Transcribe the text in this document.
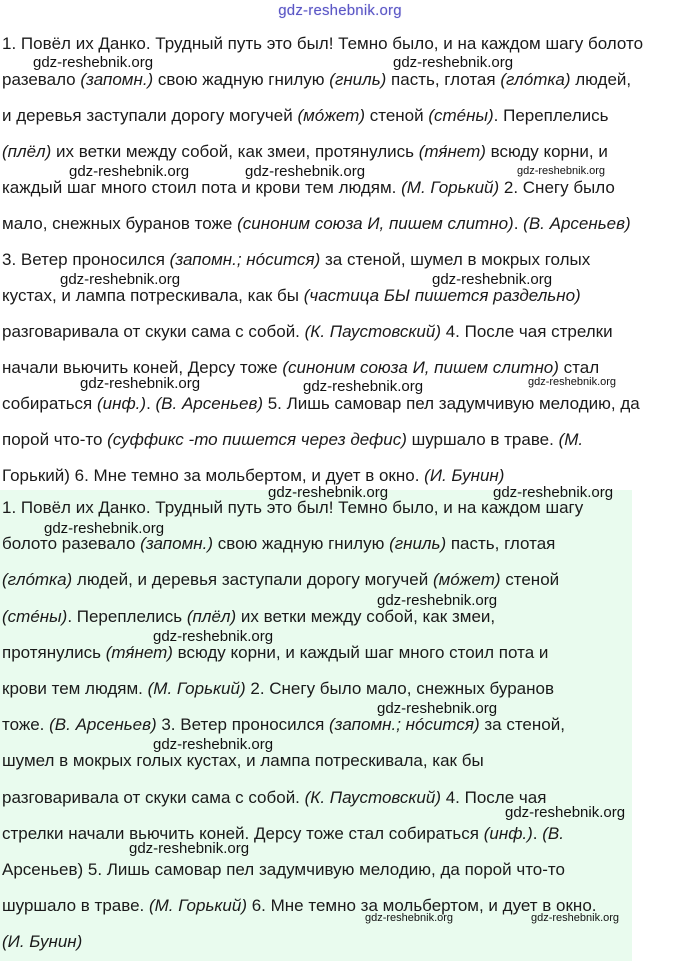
gdz-reshebnik.org
1. Повёл их Данко. Трудный путь это был! Темно было, и на каждом шагу болото
разевало (запомн.) свою жадную гнилую (гниль) пасть, глотая (глóтка) людей,
и деревья заступали дорогу могучей (мóжет) стеной (стéны). Переплелись
(плёл) их ветки между собой, как змеи, протянулись (тя́нет) всюду корни, и
каждый шаг много стоил пота и крови тем людям. (М. Горький) 2. Снегу было
мало, снежных буранов тоже (синоним союза И, пишем слитно). (В. Арсеньев)
3. Ветер проносился (запомн.; нóсится) за стеной, шумел в мокрых голых
кустах, и лампа потрескивала, как бы (частица БЫ пишется раздельно)
разговаривала от скуки сама с собой. (К. Паустовский) 4. После чая стрелки
начали вьючить коней, Дерсу тоже (синоним союза И, пишем слитно) стал
собираться (инф.). (В. Арсеньев) 5. Лишь самовар пел задумчивую мелодию, да
порой что-то (суффикс -то пишется через дефис) шуршало в траве. (М.
Горький) 6. Мне темно за мольбертом, и дует в окно. (И. Бунин)
1. Повёл их Данко. Трудный путь это был! Темно было, и на каждом шагу
болото разевало (запомн.) свою жадную гнилую (гниль) пасть, глотая
(глóтка) людей, и деревья заступали дорогу могучей (мóжет) стеной
(стéны). Переплелись (плёл) их ветки между собой, как змеи,
протянулись (тя́нет) всюду корни, и каждый шаг много стоил пота и
крови тем людям. (М. Горький) 2. Снегу было мало, снежных буранов
тоже. (В. Арсеньев) 3. Ветер проносился (запомн.; нóсится) за стеной,
шумел в мокрых голых кустах, и лампа потрескивала, как бы
разговаривала от скуки сама с собой. (К. Паустовский) 4. После чая
стрелки начали вьючить коней. Дерсу тоже стал собираться (инф.). (В.
Арсеньев) 5. Лишь самовар пел задумчивую мелодию, да порой что-то
шуршало в траве. (М. Горький) 6. Мне темно за мольбертом, и дует в окно.
(И. Бунин)
gdz-reshebnik.org	gdz-reshebnik.org
gdz-reshebnik.org	gdz-reshebnik.org	gdz-reshebnik.org
gdz-reshebnik.org	gdz-reshebnik.org
gdz-reshebnik.org	gdz-reshebnik.org	gdz-reshebnik.org
gdz-reshebnik.org	gdz-reshebnik.org
gdz-reshebnik.org
gdz-reshebnik.org
gdz-reshebnik.org
gdz-reshebnik.org
gdz-reshebnik.org
gdz-reshebnik.org
gdz-reshebnik.org
gdz-reshebnik.org	gdz-reshebnik.org
